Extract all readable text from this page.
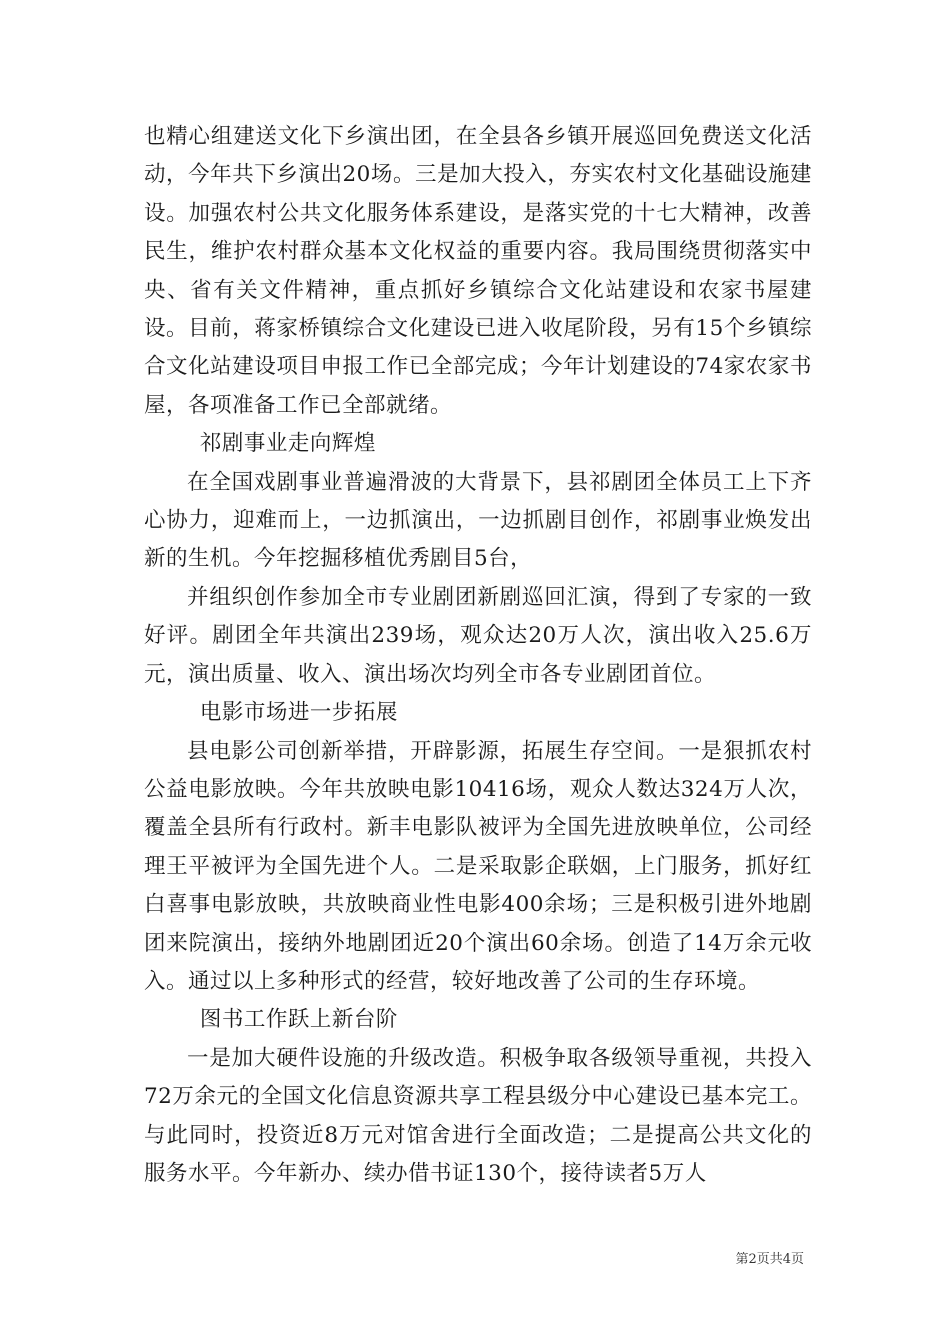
也精心组建送文化下乡演出团，在全县各乡镇开展巡回免费送文化活动，今年共下乡演出20场。三是加大投入，夯实农村文化基础设施建设。加强农村公共文化服务体系建设，是落实党的十七大精神，改善民生，维护农村群众基本文化权益的重要内容。我局围绕贯彻落实中央、省有关文件精神，重点抓好乡镇综合文化站建设和农家书屋建设。目前，蒋家桥镇综合文化建设已进入收尾阶段，另有15个乡镇综合文化站建设项目申报工作已全部完成；今年计划建设的74家农家书屋，各项准备工作已全部就绪。

祁剧事业走向辉煌

在全国戏剧事业普遍滑波的大背景下，县祁剧团全体员工上下齐心协力，迎难而上，一边抓演出，一边抓剧目创作，祁剧事业焕发出新的生机。今年挖掘移植优秀剧目5台，

并组织创作参加全市专业剧团新剧巡回汇演，得到了专家的一致好评。剧团全年共演出239场，观众达20万人次，演出收入25.6万元，演出质量、收入、演出场次均列全市各专业剧团首位。

电影市场进一步拓展

县电影公司创新举措，开辟影源，拓展生存空间。一是狠抓农村公益电影放映。今年共放映电影10416场，观众人数达324万人次，覆盖全县所有行政村。新丰电影队被评为全国先进放映单位，公司经理王平被评为全国先进个人。二是采取影企联姻，上门服务，抓好红白喜事电影放映，共放映商业性电影400余场；三是积极引进外地剧团来院演出，接纳外地剧团近20个演出60余场。创造了14万余元收入。通过以上多种形式的经营，较好地改善了公司的生存环境。

图书工作跃上新台阶

一是加大硬件设施的升级改造。积极争取各级领导重视，共投入72万余元的全国文化信息资源共享工程县级分中心建设已基本完工。与此同时，投资近8万元对馆舍进行全面改造；二是提高公共文化的服务水平。今年新办、续办借书证130个，接待读者5万人

第2页共4页
